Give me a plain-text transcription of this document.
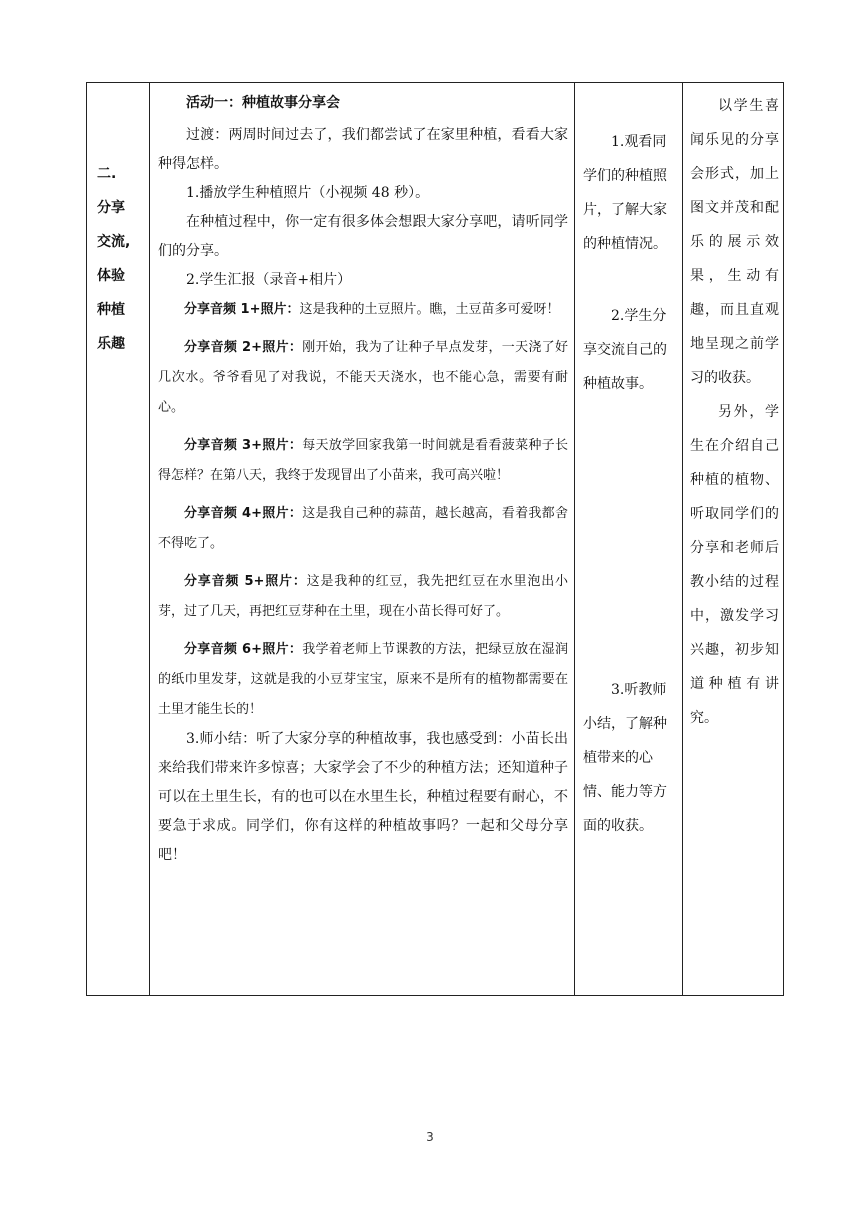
二.
分享
交流,
体验
种植
乐趣
活动一：种植故事分享会

过渡：两周时间过去了，我们都尝试了在家里种植，看看大家种得怎样。

1.播放学生种植照片（小视频 48 秒）。

在种植过程中，你一定有很多体会想跟大家分享吧，请听同学们的分享。

2.学生汇报（录音+相片）

分享音频 1+照片：这是我种的土豆照片。瞧，土豆苗多可爱呀！

分享音频 2+照片：刚开始，我为了让种子早点发芽，一天浇了好几次水。爷爷看见了对我说，不能天天浇水，也不能心急，需要有耐心。

分享音频 3+照片：每天放学回家我第一时间就是看看菠菜种子长得怎样？在第八天，我终于发现冒出了小苗来，我可高兴啦！

分享音频 4+照片：这是我自己种的蒜苗，越长越高，看着我都舍不得吃了。

分享音频 5+照片：这是我种的红豆，我先把红豆在水里泡出小芽，过了几天，再把红豆芽种在土里，现在小苗长得可好了。

分享音频 6+照片：我学着老师上节课教的方法，把绿豆放在湿润的纸巾里发芽，这就是我的小豆芽宝宝，原来不是所有的植物都需要在土里才能生长的！

3.师小结：听了大家分享的种植故事，我也感受到：小苗长出来给我们带来许多惊喜；大家学会了不少的种植方法；还知道种子可以在土里生长，有的也可以在水里生长，种植过程要有耐心，不要急于求成。同学们，你有这样的种植故事吗？一起和父母分享吧！

1.观看同学们的种植照片，了解大家的种植情况。

2.学生分享交流自己的种植故事。

3.听教师小结，了解种植带来的心情、能力等方面的收获。

以学生喜闻乐见的分享会形式，加上图文并茂和配乐的展示效果，生动有趣，而且直观地呈现之前学习的收获。

另外，学生在介绍自己种植的植物、听取同学们的分享和老师后教小结的过程中，激发学习兴趣，初步知道种植有讲究。

3
